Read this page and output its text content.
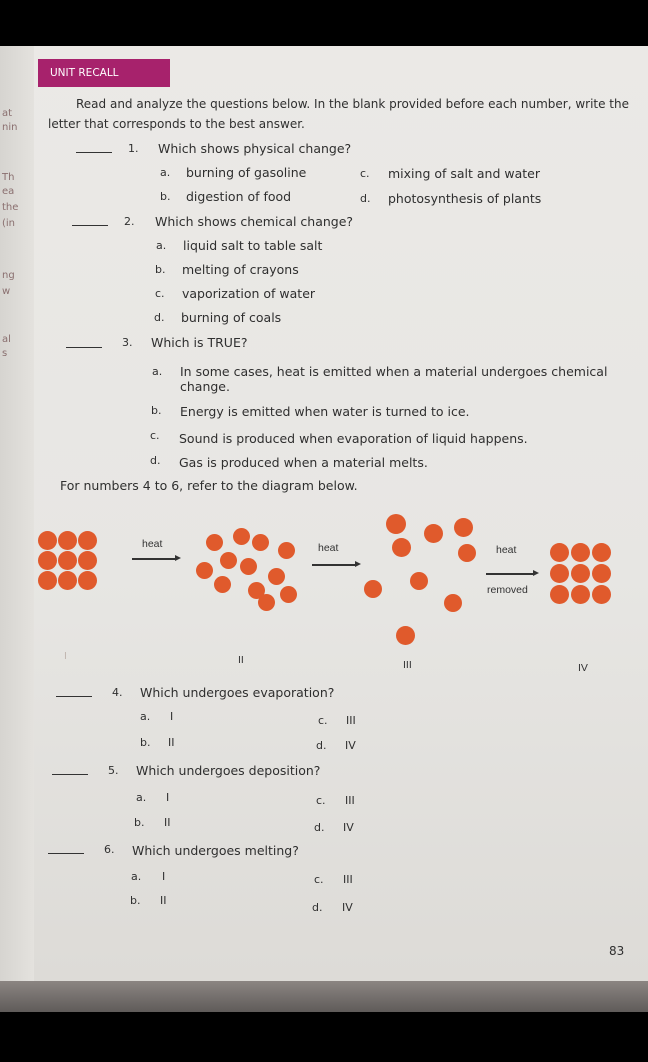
at
nin
Th
ea
the
(in
ng
w
al
s
UNIT RECALL
Read and analyze the questions below. In the blank provided before each number, write the
letter that corresponds to the best answer.
1. Which shows physical change?
a. burning of gasoline
b. digestion of food
c. mixing of salt and water
d. photosynthesis of plants
2. Which shows chemical change?
a. liquid salt to table salt
b. melting of crayons
c. vaporization of water
d. burning of coals
3. Which is TRUE?
a. In some cases, heat is emitted when a material undergoes chemical
change.
b. Energy is emitted when water is turned to ice.
c. Sound is produced when evaporation of liquid happens.
d. Gas is produced when a material melts.
For numbers 4 to 6, refer to the diagram below.
heat	heat	heat
removed
I	II	III	IV
4. Which undergoes evaporation?
a. I
b. II
c. III
d. IV
5. Which undergoes deposition?
a. I
b. II
c. III
d. IV
6. Which undergoes melting?
a. I
b. II
c. III
d. IV
83
